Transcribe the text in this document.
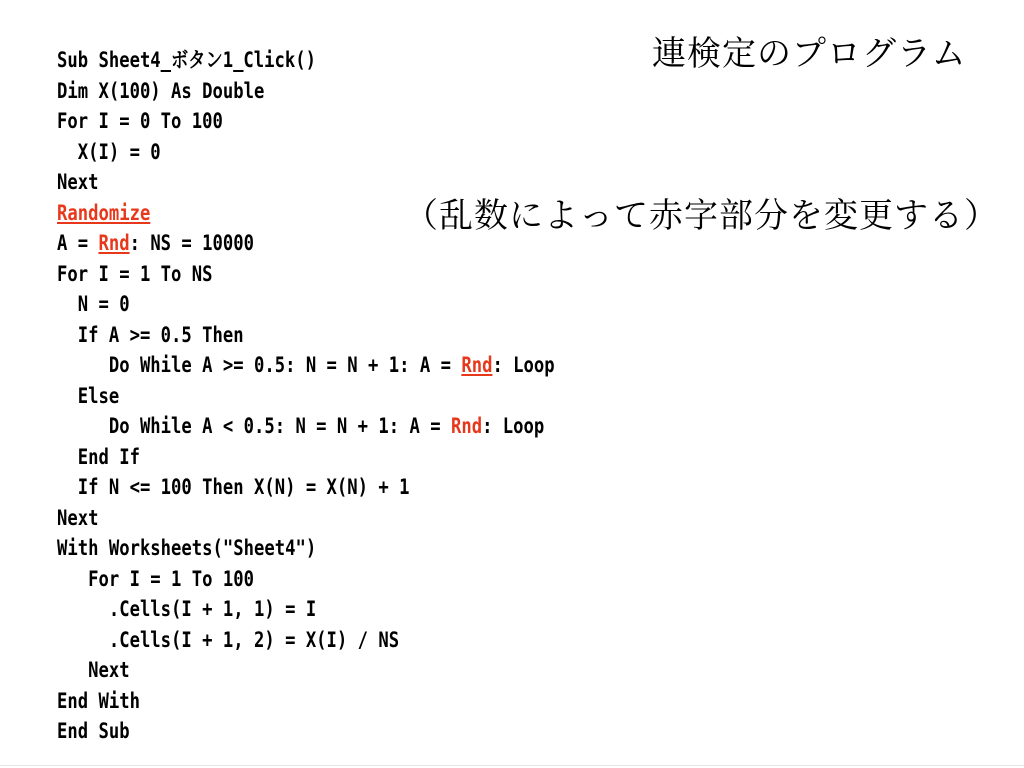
連検定のプログラム
（乱数によって赤字部分を変更する）
Sub Sheet4_ボタン1_Click()
Dim X(100) As Double
For I = 0 To 100
X(I) = 0
Next
Randomize
A = Rnd: NS = 10000
For I = 1 To NS
N = 0
If A >= 0.5 Then
Do While A >= 0.5: N = N + 1: A = Rnd: Loop
Else
Do While A < 0.5: N = N + 1: A = Rnd: Loop
End If
If N <= 100 Then X(N) = X(N) + 1
Next
With Worksheets("Sheet4")
For I = 1 To 100
.Cells(I + 1, 1) = I
.Cells(I + 1, 2) = X(I) / NS
Next
End With
End Sub
